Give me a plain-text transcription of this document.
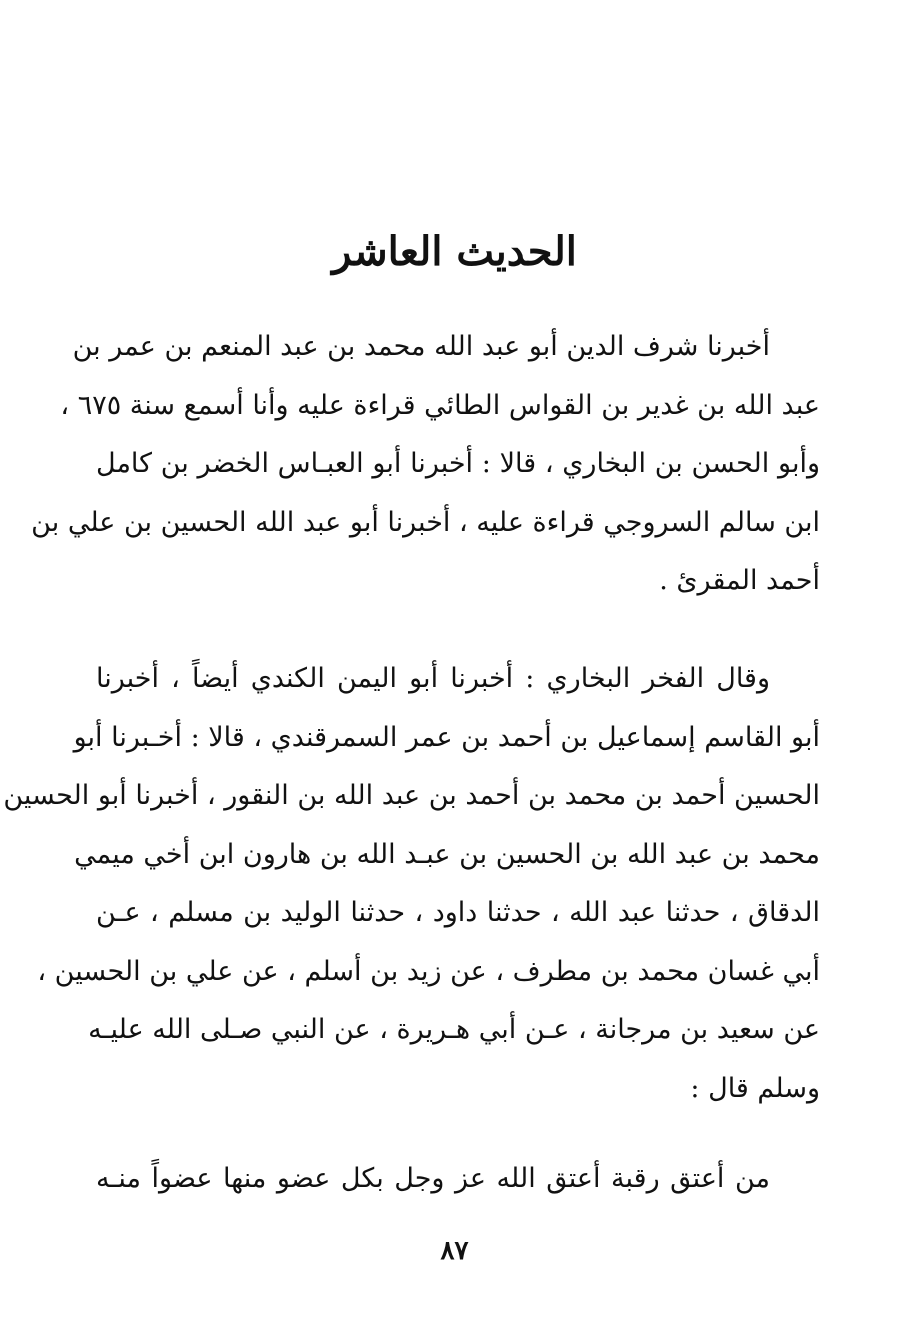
الحديث العاشر
أخبرنا شرف الدين أبو عبد الله محمد بن عبد المنعم بن عمر بن
عبد الله بن غدير بن القواس الطائي قراءة عليه وأنا أسمع سنة ٦٧٥ ،
وأبو الحسن بن البخاري ، قالا : أخبرنا أبو العبـاس الخضر بن كامل
ابن سالم السروجي قراءة عليه ، أخبرنا أبو عبد الله الحسين بن علي بن
أحمد المقرئ .
وقال الفخر البخاري : أخبرنا أبو اليمن الكندي أيضاً ، أخبرنا
أبو القاسم إسماعيل بن أحمد بن عمر السمرقندي ، قالا : أخـبرنا أبو
الحسين أحمد بن محمد بن أحمد بن عبد الله بن النقور ، أخبرنا أبو الحسين
محمد بن عبد الله بن الحسين بن عبـد الله بن هارون ابن أخي ميمي
الدقاق ، حدثنا عبد الله ، حدثنا داود ، حدثنا الوليد بن مسلم ، عـن
أبي غسان محمد بن مطرف ، عن زيد بن أسلم ، عن علي بن الحسين ،
عن سعيد بن مرجانة ، عـن أبي هـريرة ، عن النبي صـلى الله عليـه
وسلم قال :
من أعتق رقبة أعتق الله عز وجل بكل عضو منها عضواً منـه
٨٧
